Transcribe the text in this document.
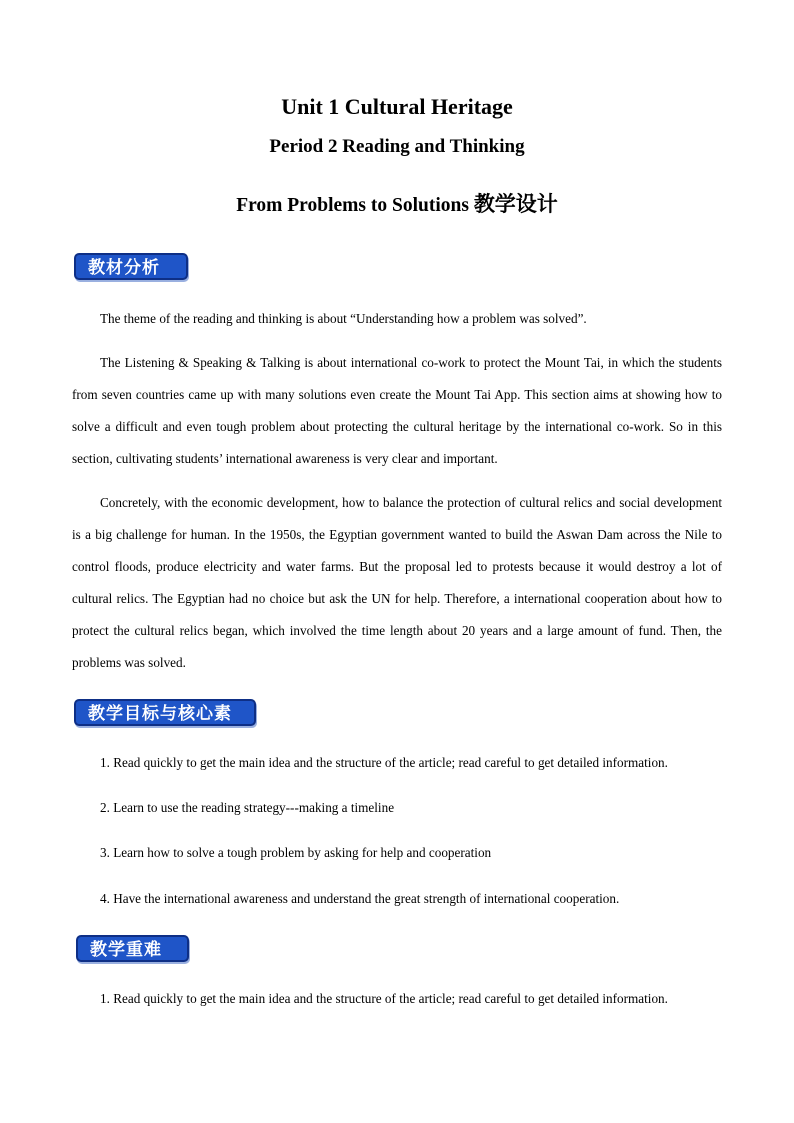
Unit 1 Cultural Heritage
Period 2 Reading and Thinking
From Problems to Solutions 教学设计
教材分析

The theme of the reading and thinking is about “Understanding how a problem was solved”.

The Listening & Speaking & Talking is about international co-work to protect the Mount Tai, in which the students from seven countries came up with many solutions even create the Mount Tai App. This section aims at showing how to solve a difficult and even tough problem about protecting the cultural heritage by the international co-work. So in this section, cultivating students’ international awareness is very clear and important.

Concretely, with the economic development, how to balance the protection of cultural relics and social development is a big challenge for human. In the 1950s, the Egyptian government wanted to build the Aswan Dam across the Nile to control floods, produce electricity and water farms. But the proposal led to protests because it would destroy a lot of cultural relics. The Egyptian had no choice but ask the UN for help. Therefore, a international cooperation about how to protect the cultural relics began, which involved the time length about 20 years and a large amount of fund. Then, the problems was solved.

教学目标与核心素养

1. Read quickly to get the main idea and the structure of the article; read careful to get detailed information.

2. Learn to use the reading strategy---making a timeline

3. Learn how to solve a tough problem by asking for help and cooperation

4. Have the international awareness and understand the great strength of international cooperation.

教学重难点

1. Read quickly to get the main idea and the structure of the article; read careful to get detailed information.
